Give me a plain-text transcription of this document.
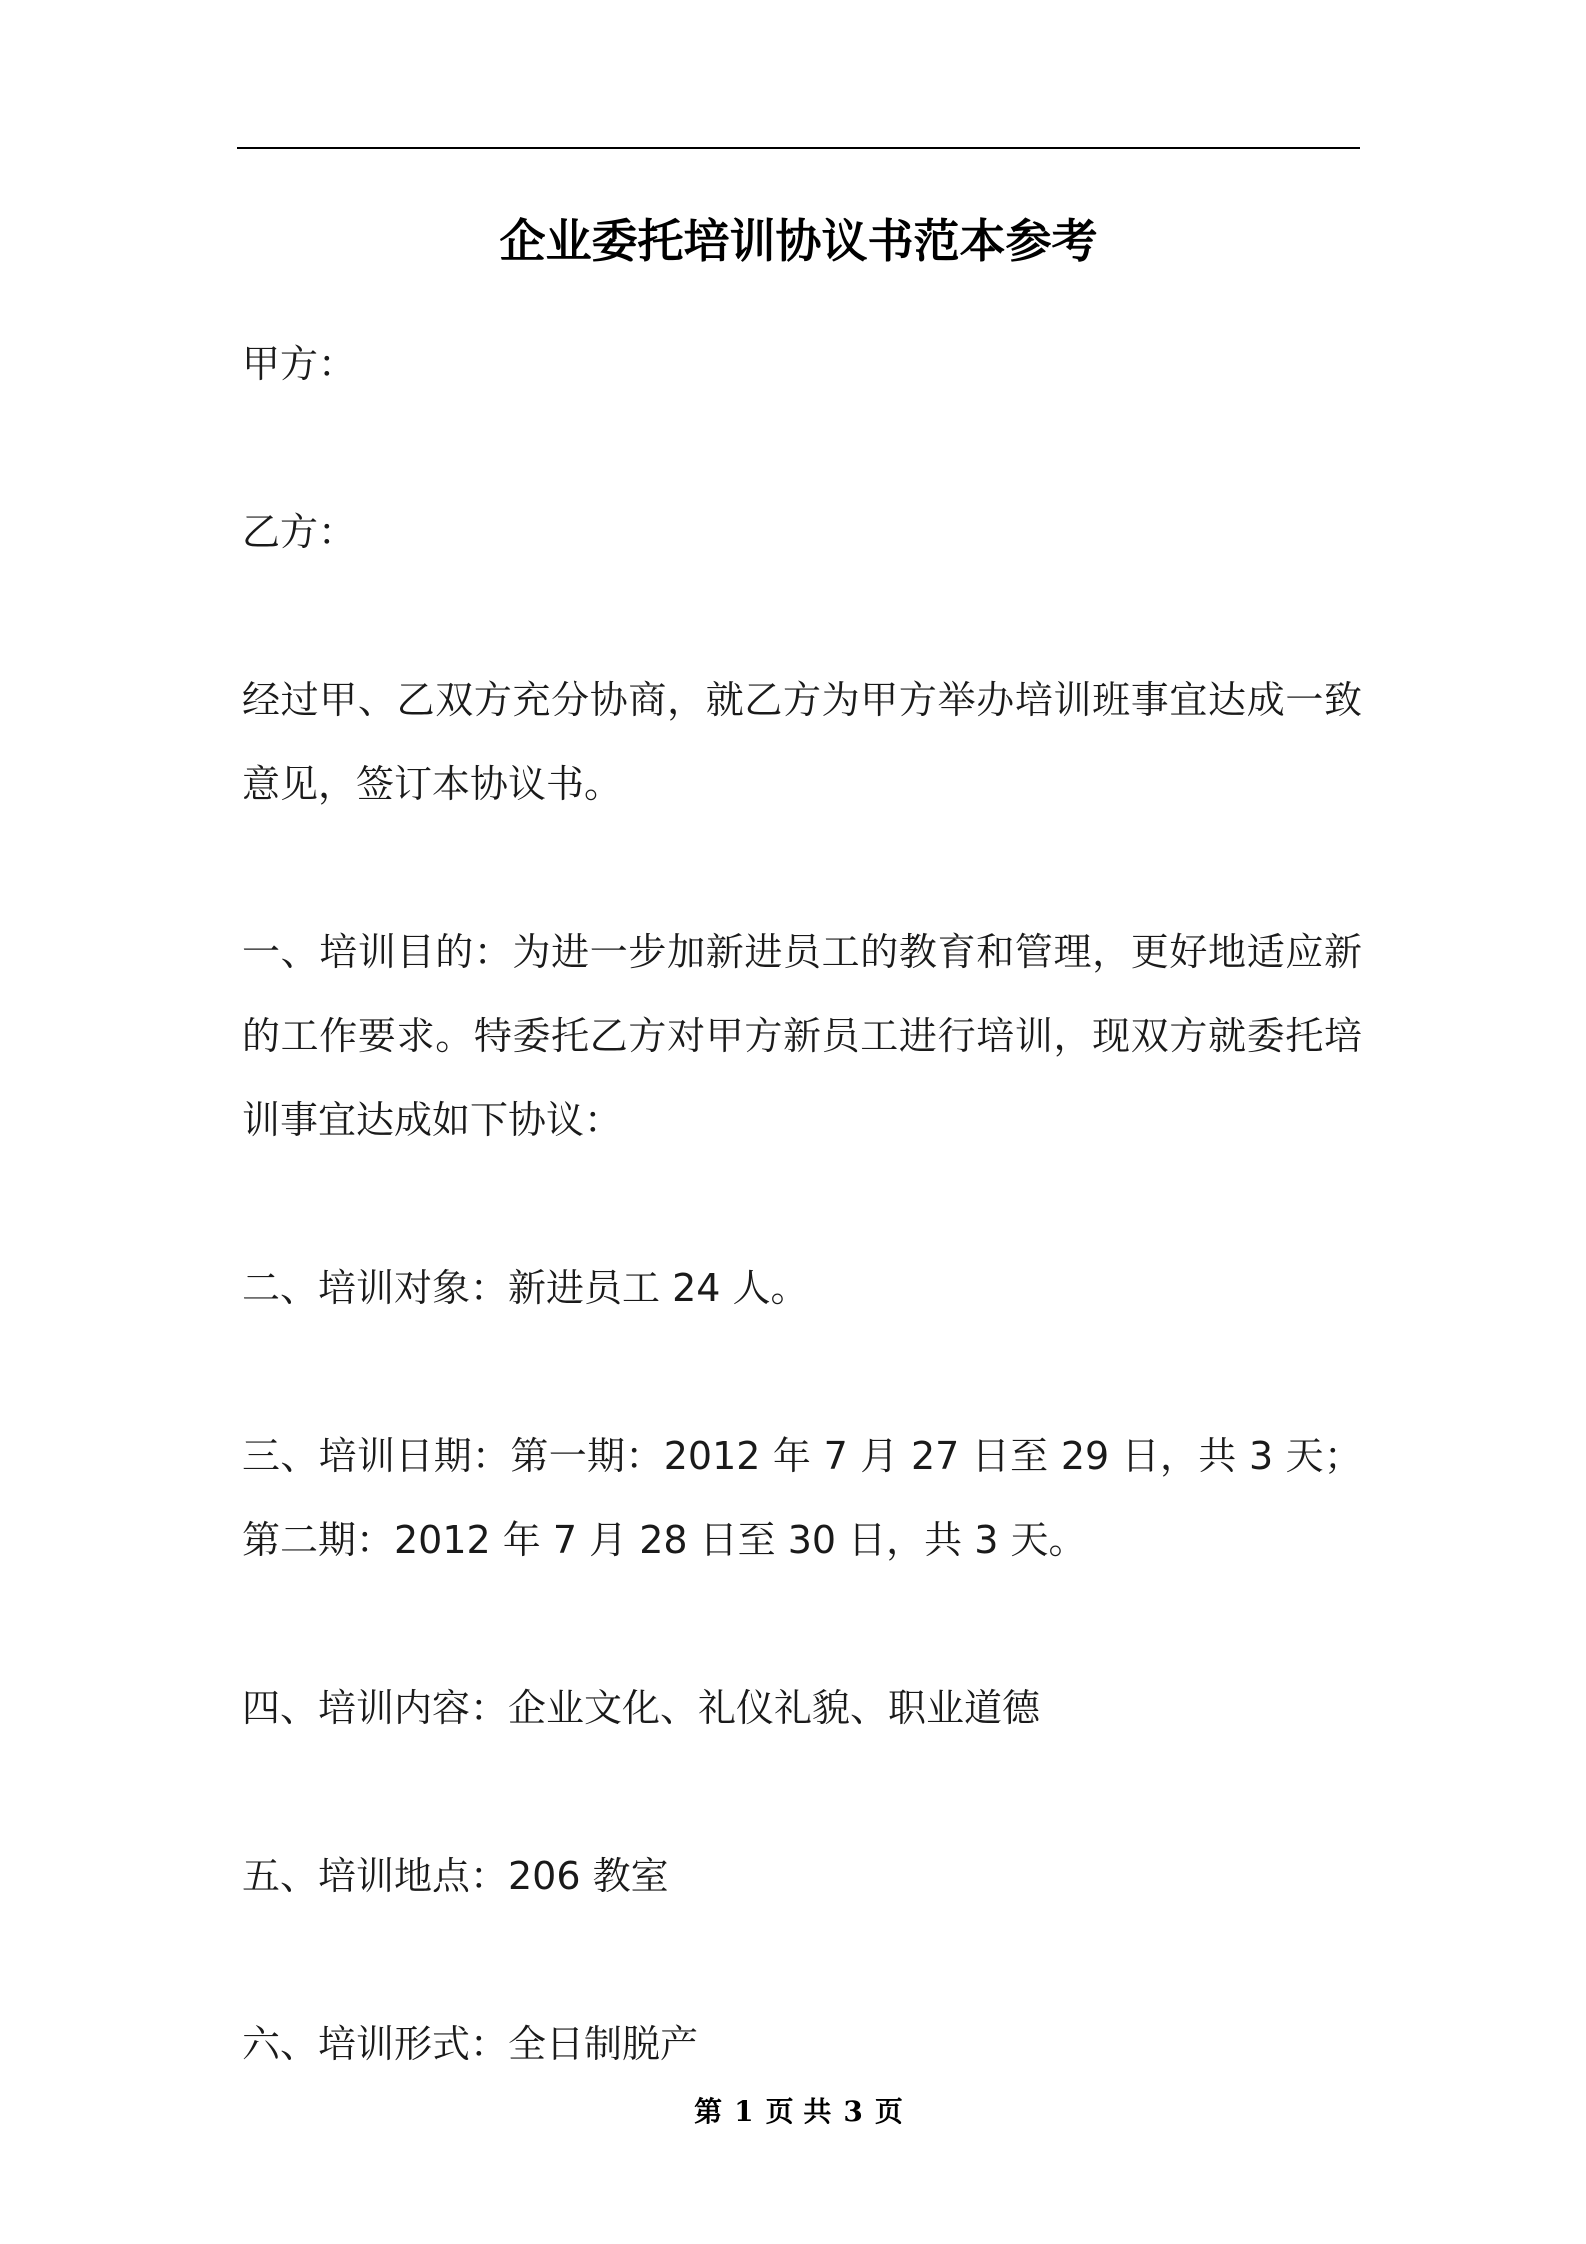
企业委托培训协议书范本参考

甲方：

乙方：

经过甲、乙双方充分协商，就乙方为甲方举办培训班事宜达成一致意见，签订本协议书。

一、培训目的：为进一步加新进员工的教育和管理，更好地适应新的工作要求。特委托乙方对甲方新员工进行培训，现双方就委托培训事宜达成如下协议：

二、培训对象：新进员工 24 人。

三、培训日期：第一期：2012 年 7 月 27 日至 29 日，共 3 天；第二期：2012 年 7 月 28 日至 30 日，共 3 天。

四、培训内容：企业文化、礼仪礼貌、职业道德

五、培训地点：206 教室

六、培训形式：全日制脱产

第 1 页 共 3 页
